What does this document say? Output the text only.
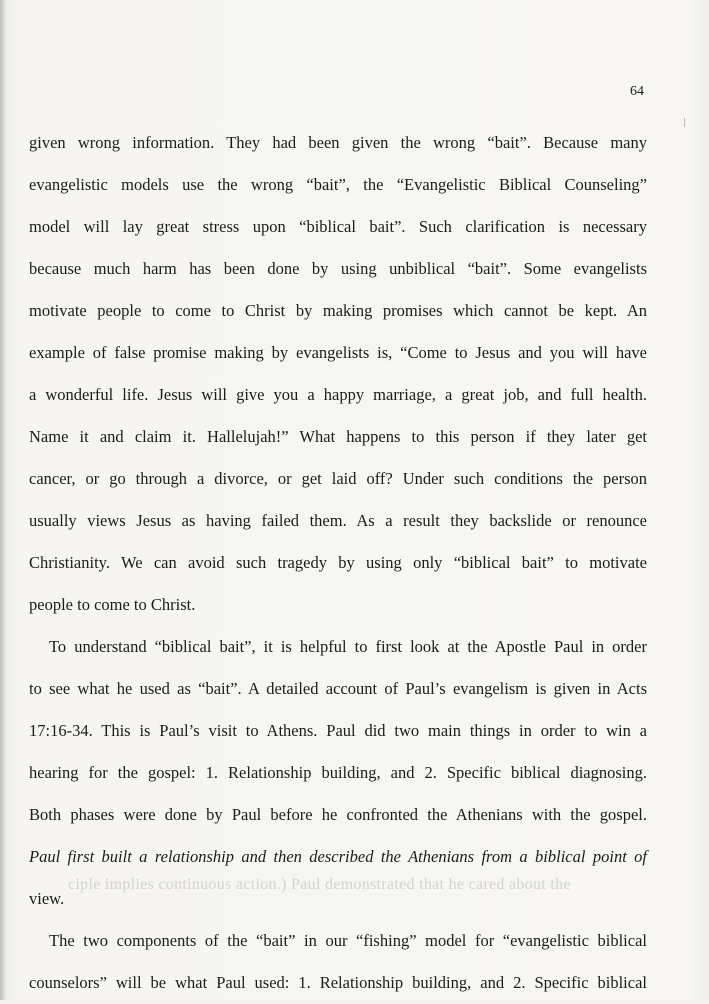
64
ciple implies continuous action.) Paul demonstrated that he cared about the
given wrong information. They had been given the wrong “bait”. Because many
evangelistic models use the wrong “bait”, the “Evangelistic Biblical Counseling”
model will lay great stress upon “biblical bait”. Such clarification is necessary
because much harm has been done by using unbiblical “bait”. Some evangelists
motivate people to come to Christ by making promises which cannot be kept. An
example of false promise making by evangelists is, “Come to Jesus and you will have
a wonderful life. Jesus will give you a happy marriage, a great job, and full health.
Name it and claim it. Hallelujah!” What happens to this person if they later get
cancer, or go through a divorce, or get laid off? Under such conditions the person
usually views Jesus as having failed them. As a result they backslide or renounce
Christianity. We can avoid such tragedy by using only “biblical bait” to motivate
people to come to Christ.
To understand “biblical bait”, it is helpful to first look at the Apostle Paul in order
to see what he used as “bait”. A detailed account of Paul’s evangelism is given in Acts
17:16-34. This is Paul’s visit to Athens. Paul did two main things in order to win a
hearing for the gospel: 1. Relationship building, and 2. Specific biblical diagnosing.
Both phases were done by Paul before he confronted the Athenians with the gospel.
Paul first built a relationship and then described the Athenians from a biblical point of
view.
The two components of the “bait” in our “fishing” model for “evangelistic biblical
counselors” will be what Paul used: 1. Relationship building, and 2. Specific biblical
